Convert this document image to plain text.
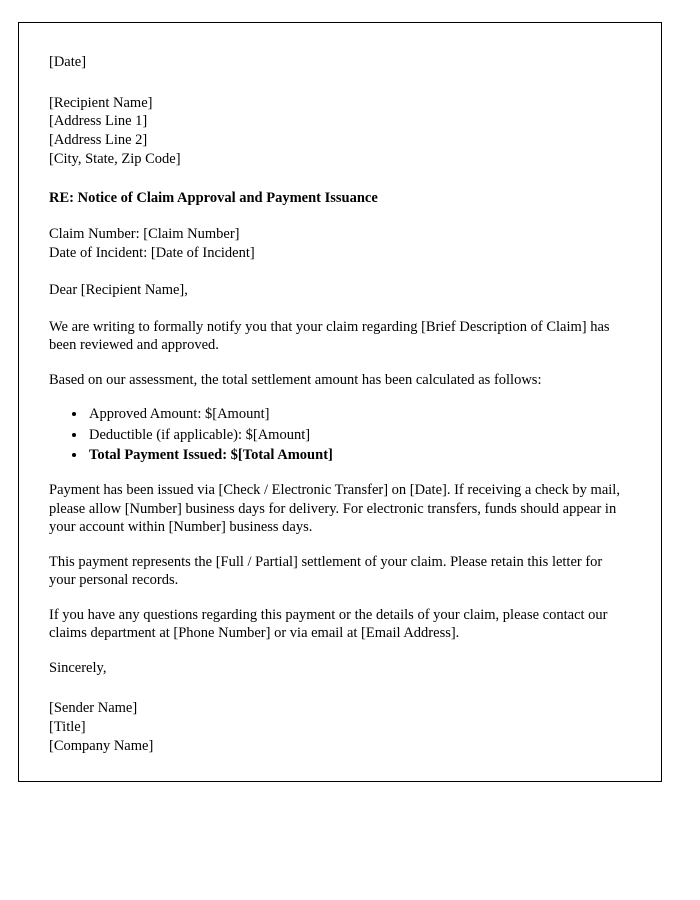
[Date]
[Recipient Name]
[Address Line 1]
[Address Line 2]
[City, State, Zip Code]
RE: Notice of Claim Approval and Payment Issuance
Claim Number: [Claim Number]
Date of Incident: [Date of Incident]
Dear [Recipient Name],

We are writing to formally notify you that your claim regarding [Brief Description of Claim] has been reviewed and approved.

Based on our assessment, the total settlement amount has been calculated as follows:

• Approved Amount: $[Amount]
• Deductible (if applicable): $[Amount]
• Total Payment Issued: $[Total Amount]

Payment has been issued via [Check / Electronic Transfer] on [Date]. If receiving a check by mail, please allow [Number] business days for delivery. For electronic transfers, funds should appear in your account within [Number] business days.

This payment represents the [Full / Partial] settlement of your claim. Please retain this letter for your personal records.

If you have any questions regarding this payment or the details of your claim, please contact our claims department at [Phone Number] or via email at [Email Address].

Sincerely,
[Sender Name]
[Title]
[Company Name]
